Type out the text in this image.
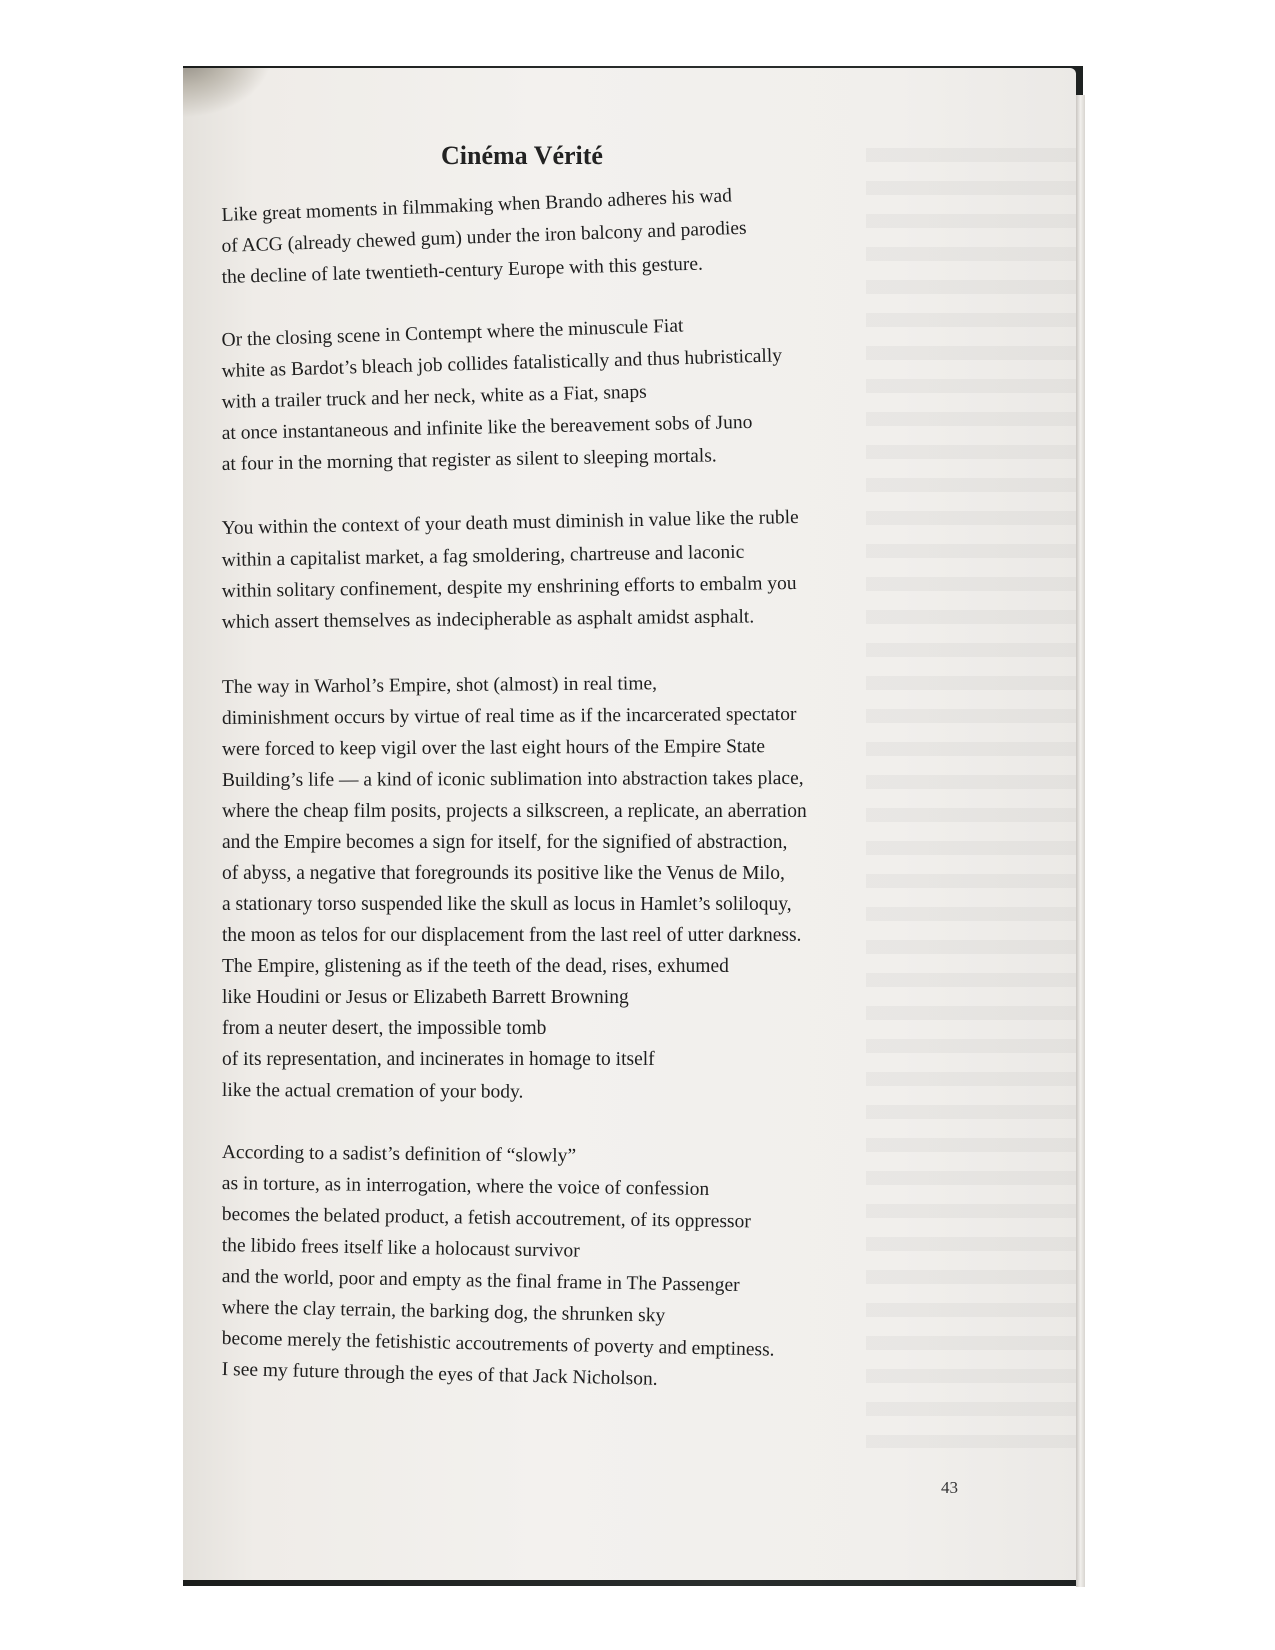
Cinéma Vérité
Like great moments in filmmaking when Brando adheres his wad
of ACG (already chewed gum) under the iron balcony and parodies
the decline of late twentieth-century Europe with this gesture.
Or the closing scene in Contempt where the minuscule Fiat
white as Bardot’s bleach job collides fatalistically and thus hubristically
with a trailer truck and her neck, white as a Fiat, snaps
at once instantaneous and infinite like the bereavement sobs of Juno
at four in the morning that register as silent to sleeping mortals.
You within the context of your death must diminish in value like the ruble
within a capitalist market, a fag smoldering, chartreuse and laconic
within solitary confinement, despite my enshrining efforts to embalm you
which assert themselves as indecipherable as asphalt amidst asphalt.
The way in Warhol’s Empire, shot (almost) in real time,
diminishment occurs by virtue of real time as if the incarcerated spectator
were forced to keep vigil over the last eight hours of the Empire State
Building’s life — a kind of iconic sublimation into abstraction takes place,
where the cheap film posits, projects a silkscreen, a replicate, an aberration
and the Empire becomes a sign for itself, for the signified of abstraction,
of abyss, a negative that foregrounds its positive like the Venus de Milo,
a stationary torso suspended like the skull as locus in Hamlet’s soliloquy,
the moon as telos for our displacement from the last reel of utter darkness.
The Empire, glistening as if the teeth of the dead, rises, exhumed
like Houdini or Jesus or Elizabeth Barrett Browning
from a neuter desert, the impossible tomb
of its representation, and incinerates in homage to itself
like the actual cremation of your body.
According to a sadist’s definition of “slowly”
as in torture, as in interrogation, where the voice of confession
becomes the belated product, a fetish accoutrement, of its oppressor
the libido frees itself like a holocaust survivor
and the world, poor and empty as the final frame in The Passenger
where the clay terrain, the barking dog, the shrunken sky
become merely the fetishistic accoutrements of poverty and emptiness.
I see my future through the eyes of that Jack Nicholson.
43
